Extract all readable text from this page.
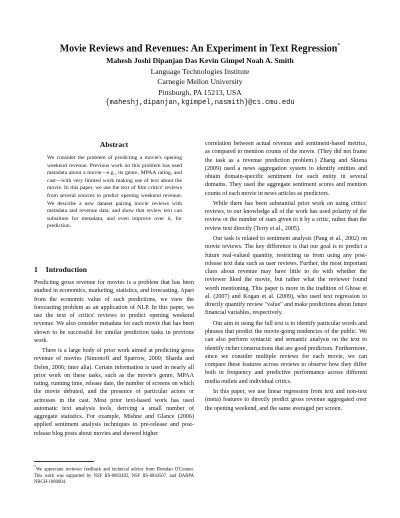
Movie Reviews and Revenues: An Experiment in Text Regression*
Mahesh Joshi Dipanjan Das Kevin Gimpel Noah A. Smith
Language Technologies Institute
Carnegie Mellon University
Pittsburgh, PA 15213, USA
{maheshj,dipanjan,kgimpel,nasmith}@cs.cmu.edu
Abstract
We consider the problem of predicting a movie's opening weekend revenue. Previous work on this problem has used metadata about a movie—e.g., its genre, MPAA rating, and cast—with very limited work making use of text about the movie. In this paper, we use the text of film critics' reviews from several sources to predict opening weekend revenue. We describe a new dataset pairing movie reviews with metadata and revenue data, and show that review text can substitute for metadata, and even improve over it, for prediction.
1 Introduction

Predicting gross revenue for movies is a problem that has been studied in economics, marketing, statistics, and forecasting. Apart from the economic value of such predictions, we view the forecasting problem as an application of NLP. In this paper, we use the text of critics' reviews to predict opening weekend revenue. We also consider metadata for each movie that has been shown to be successful for similar prediction tasks in previous work.

There is a large body of prior work aimed at predicting gross revenue of movies (Simonoff and Sparrow, 2000; Sharda and Delen, 2006; inter alia). Certain information is used in nearly all prior work on these tasks, such as the movie's genre, MPAA rating, running time, release date, the number of screens on which the movie debuted, and the presence of particular actors or actresses in the cast. Most prior text-based work has used automatic text analysis tools, deriving a small number of aggregate statistics. For example, Mishne and Glance (2006) applied sentiment analysis techniques to pre-release and post-release blog posts about movies and showed higher

*We appreciate reviewer feedback and technical advice from Brendan O'Connor. This work was supported by NSF IIS-0803482, NSF IIS-0844507, and DARPA NBCH-1080004.

correlation between actual revenue and sentiment-based metrics, as compared to mention counts of the movie. (They did not frame the task as a revenue prediction problem.) Zhang and Skiena (2009) used a news aggregation system to identify entities and obtain domain-specific sentiment for each entity in several domains. They used the aggregate sentiment scores and mention counts of each movie in news articles as predictors.

While there has been substantial prior work on using critics' reviews, to our knowledge all of the work has used polarity of the review or the number of stars given to it by a critic, rather than the review text directly (Terry et al., 2005).

Our task is related to sentiment analysis (Pang et al., 2002) on movie reviews. The key difference is that our goal is to predict a future real-valued quantity, restricting us from using any post-release text data such as user reviews. Further, the most important clues about revenue may have little to do with whether the reviewer liked the movie, but rather what the reviewer found worth mentioning. This paper is more in the tradition of Ghose et al. (2007) and Kogan et al. (2009), who used text regression to directly quantify review "value" and make predictions about future financial variables, respectively.

Our aim in using the full text is to identify particular words and phrases that predict the movie-going tendencies of the public. We can also perform syntactic and semantic analysis on the text to identify richer constructions that are good predictors. Furthermore, since we consider multiple reviews for each movie, we can compare these features across reviews to observe how they differ both in frequency and predictive performance across different media outlets and individual critics.

In this paper, we use linear regression from text and non-text (meta) features to directly predict gross revenue aggregated over the opening weekend, and the same averaged per screen.
